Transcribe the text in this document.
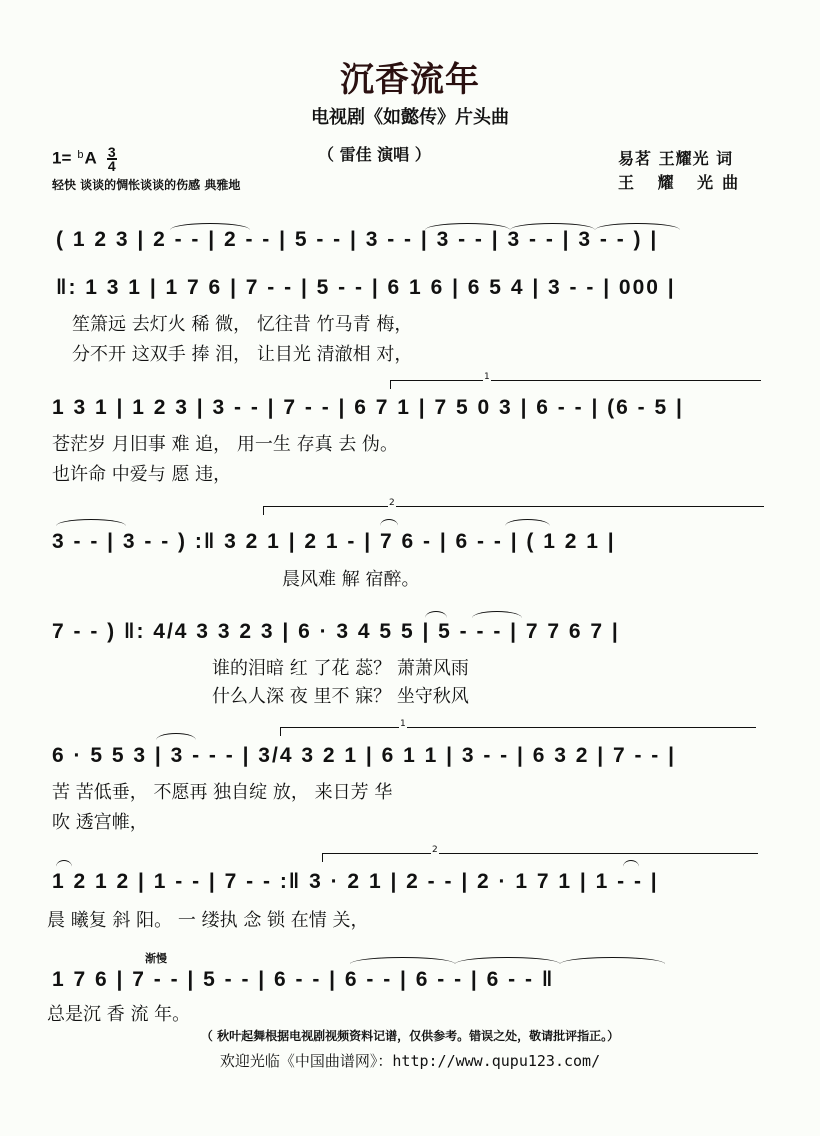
沉香流年
电视剧《如懿传》片头曲
（ 雷佳 演唱 ）
$1= ^bA \frac{3}{4}$
轻快 谈谈的惆怅谈谈的伤感 典雅地
易茗 王耀光 词
王 耀 光曲
( 1 2 3 | 2 - - | 2 - - | 5 - - | 3 - - | 3 - - | 3 - - | 3 - - ) |
‖: 1 3 1 | 1 7 6 | 7 - - | 5 - - | 6 1 6 | 6 5 4 | 3 - - | 000 |
笙箫远 去灯火 稀 微， 忆往昔 竹马青 梅，
分不开 这双手 捧 泪， 让目光 清澈相 对，
1
1 3 1 | 1 2 3 | 3 - - | 7 - - | 6 7 1 | 7 5 0 3 | 6 - - | (6 - 5 |
苍茫岁 月旧事 难 追， 用一生 存真 去 伪。
也许命 中爱与 愿 违，
2
3 - - | 3 - - ) :‖ 3 2 1 | 2 1 - | 7 6 - | 6 - - | ( 1 2 1 |
晨风难 解 宿醉。
7 - - ) ‖: 4/4 3 3 2 3 | 6 · 3 4 5 5 | 5 - - - | 7 7 6 7 |
谁的泪暗 红 了花 蕊？ 萧萧风雨
什么人深 夜 里不 寐？ 坐守秋风
1
6 · 5 5 3 | 3 - - - | 3/4 3 2 1 | 6 1 1 | 3 - - | 6 3 2 | 7 - - |
苦 苦低垂， 不愿再 独自绽 放， 来日芳 华
吹 透宫帷，
2
1 2 1 2 | 1 - - | 7 - - :‖ 3 · 2 1 | 2 - - | 2 · 1 7 1 | 1 - - |
晨 曦复 斜 阳。 一 缕执 念 锁 在情 关，
渐慢
1 7 6 | 7 - - | 5 - - | 6 - - | 6 - - | 6 - - | 6 - - ‖
总是沉 香 流 年。
（ 秋叶起舞根据电视剧视频资料记谱，仅供参考。错误之处，敬请批评指正。）
欢迎光临《中国曲谱网》：http://www.qupu123.com/
